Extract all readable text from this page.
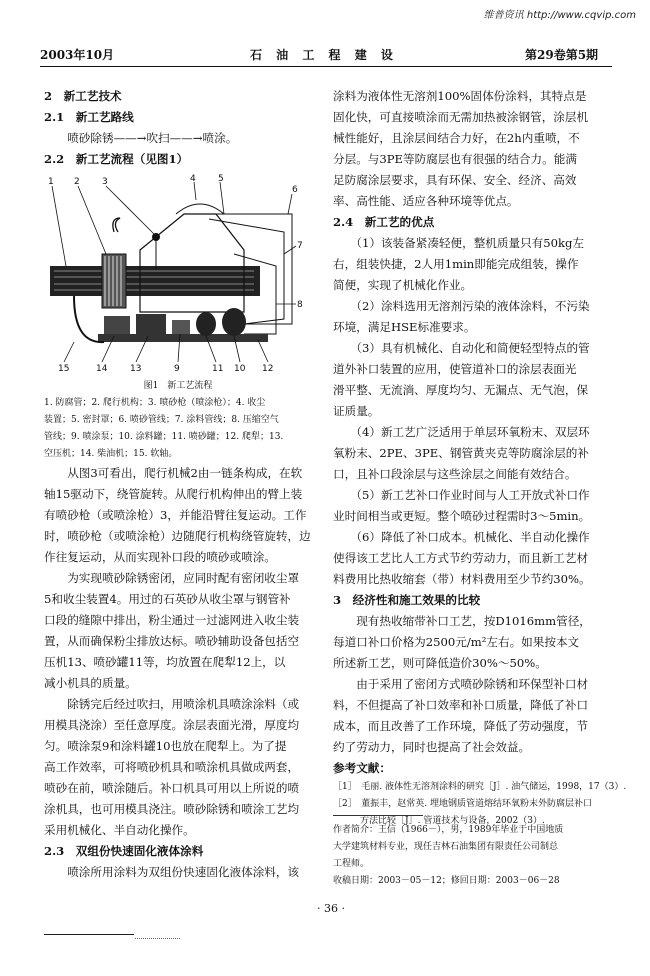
维普资讯 http://www.cqvip.com
2003年10月	石 油 工 程 建 设	第29卷第5期
2　新工艺技术
2.1　新工艺路线
　　喷砂除锈——→吹扫——→喷涂。
2.2　新工艺流程（见图1）
1 2 3	4 5
6
7
8
9	10
11	12
13
14
15
图1　新工艺流程
1. 防腐管；2. 爬行机构；3. 喷砂枪（喷涂枪）；4. 收尘
装置；5. 密封罩；6. 喷砂管线；7. 涂料管线；8. 压缩空气
管线；9. 喷涂泵；10. 涂料罐；11. 喷砂罐；12. 爬犁；13.
空压机；14. 柴油机；15. 软轴。
　　从图3可看出，爬行机械2由一链条构成，在软
轴15驱动下，绕管旋转。从爬行机构伸出的臂上装
有喷砂枪（或喷涂枪）3，并能沿臂往复运动。工作
时，喷砂枪（或喷涂枪）边随爬行机构绕管旋转，边
作往复运动，从而实现补口段的喷砂或喷涂。
　　为实现喷砂除锈密闭，应同时配有密闭收尘罩
5和收尘装置4。用过的石英砂从收尘罩与钢管补
口段的缝隙中排出，粉尘通过一过滤网进入收尘装
置，从而确保粉尘排放达标。喷砂辅助设备包括空
压机13、喷砂罐11等，均放置在爬犁12上，以
减小机具的质量。
　　除锈完后经过吹扫，用喷涂机具喷涂涂料（或
用模具浇涂）至任意厚度。涂层表面光滑，厚度均
匀。喷涂泵9和涂料罐10也放在爬犁上。为了提
高工作效率，可将喷砂机具和喷涂机具做成两套，
喷砂在前，喷涂随后。补口机具可用以上所说的喷
涂机具，也可用模具浇注。喷砂除锈和喷涂工艺均
采用机械化、半自动化操作。
2.3　双组份快速固化液体涂料
　　喷涂所用涂料为双组份快速固化液体涂料，该
涂料为液体性无溶剂100%固体份涂料，其特点是
固化快，可直接喷涂而无需加热被涂钢管，涂层机
械性能好，且涂层间结合力好，在2h内重喷，不
分层。与3PE等防腐层也有很强的结合力。能满
足防腐涂层要求，具有环保、安全、经济、高效
率、高性能、适应各种环境等优点。
2.4　新工艺的优点
　　（1）该装备紧凑轻便，整机质量只有50kg左
右，组装快捷，2人用1min即能完成组装，操作
简便，实现了机械化作业。
　　（2）涂料选用无溶剂污染的液体涂料，不污染
环境，满足HSE标准要求。
　　（3）具有机械化、自动化和简便轻型特点的管
道外补口装置的应用，使管道补口的涂层表面光
滑平整、无流淌、厚度均匀、无漏点、无气泡，保
证质量。
　　（4）新工艺广泛适用于单层环氧粉末、双层环
氧粉末、2PE、3PE、钢管黄夹克等防腐涂层的补
口，且补口段涂层与这些涂层之间能有效结合。
　　（5）新工艺补口作业时间与人工开放式补口作
业时间相当或更短。整个喷砂过程需时3～5min。
　　（6）降低了补口成本。机械化、半自动化操作
使得该工艺比人工方式节约劳动力，而且新工艺材
料费用比热收缩套（带）材料费用至少节约30%。
3　经济性和施工效果的比较
　　现有热收缩带补口工艺，按D1016mm管径，
每道口补口价格为2500元/m²左右。如果按本文
所述新工艺，则可降低造价30%～50%。
　　由于采用了密闭方式喷砂除锈和环保型补口材
料，不但提高了补口效率和补口质量，降低了补口
成本，而且改善了工作环境，降低了劳动强度，节
约了劳动力，同时也提高了社会效益。
参考文献：
［1］　毛丽. 液体性无溶剂涂料的研究［J］. 油气储运，1998，17（3）.
［2］　董振丰，赵常英. 埋地钢质管道熔结环氧粉末外防腐层补口
　　　方法比较［J］. 管道技术与设备，2002（3）.
作者简介：王信（1966－），男，1989年毕业于中国地质
大学建筑材料专业，现任吉林石油集团有限责任公司制总
工程师。
收稿日期：2003－05－12；修回日期：2003－06－28
· 36 ·
